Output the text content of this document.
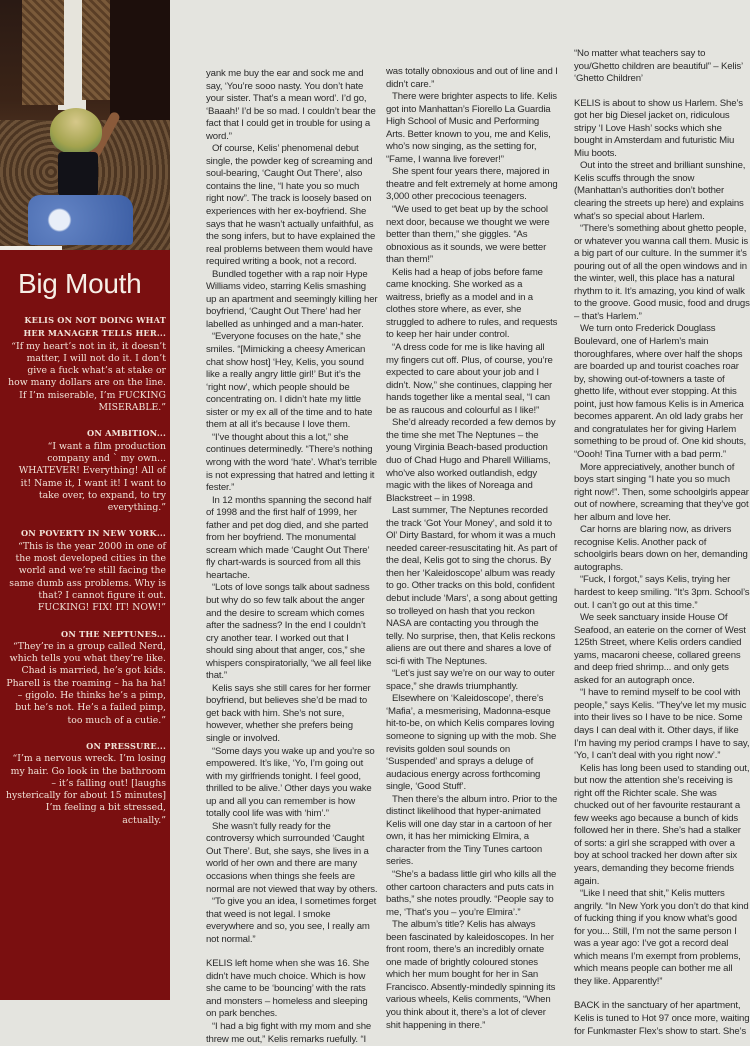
Big Mouth
KELIS ON NOT DOING WHAT HER MANAGER TELLS HER...
“If my heart’s not in it, it doesn’t matter, I will not do it. I don’t give a fuck what’s at stake or how many dollars are on the line. If I’m miserable, I’m FUCKING MISERABLE.”
ON AMBITION...
“I want a film production company and ` my own... WHATEVER! Everything! All of it! Name it, I want it! I want to take over, to expand, to try everything.”
ON POVERTY IN NEW YORK...
“This is the year 2000 in one of the most developed cities in the world and we’re still facing the same dumb ass problems. Why is that? I cannot figure it out. FUCKING! FIX! IT! NOW!”
ON THE NEPTUNES...
“They’re in a group called Nerd, which tells you what they’re like. Chad is married, he’s got kids. Pharell is the roaming – ha ha ha! – gigolo. He thinks he’s a pimp, but he’s not. He’s a failed pimp, too much of a cutie.”
ON PRESSURE...
“I’m a nervous wreck. I’m losing my hair. Go look in the bathroom – it’s falling out! [laughs hysterically for about 15 minutes] I’m feeling a bit stressed, actually.”

yank me buy the ear and sock me and say, ‘You’re sooo nasty. You don’t hate your sister. That’s a mean word’. I’d go, ‘Baaah!’ I’d be so mad. I couldn’t bear the fact that I could get in trouble for using a word.”

Of course, Kelis’ phenomenal debut single, the powder keg of screaming and soul-bearing, ‘Caught Out There’, also contains the line, “I hate you so much right now”. The track is loosely based on experiences with her ex-boyfriend. She says that he wasn’t actually unfaithful, as the song infers, but to have explained the real problems between them would have required writing a book, not a record.

Bundled together with a rap noir Hype Williams video, starring Kelis smashing up an apartment and seemingly killing her boyfriend, ‘Caught Out There’ had her labelled as unhinged and a man-hater.

“Everyone focuses on the hate,” she smiles. “[Mimicking a cheesy American chat show host] ‘Hey, Kelis, you sound like a really angry little girl!’ But it’s the ‘right now’, which people should be concentrating on. I didn’t hate my little sister or my ex all of the time and to hate them at all it’s because I love them.

“I’ve thought about this a lot,” she continues determinedly. “There’s nothing wrong with the word ‘hate’. What’s terrible is not expressing that hatred and letting it fester.”

In 12 months spanning the second half of 1998 and the first half of 1999, her father and pet dog died, and she parted from her boyfriend. The monumental scream which made ‘Caught Out There’ fly chart-wards is sourced from all this heartache.

“Lots of love songs talk about sadness but why do so few talk about the anger and the desire to scream which comes after the sadness? In the end I couldn’t cry another tear. I worked out that I should sing about that anger, cos,” she whispers conspiratorially, “we all feel like that.”

Kelis says she still cares for her former boyfriend, but believes she’d be mad to get back with him. She’s not sure, however, whether she prefers being single or involved.

“Some days you wake up and you’re so empowered. It’s like, ‘Yo, I’m going out with my girlfriends tonight. I feel good, thrilled to be alive.’ Other days you wake up and all you can remember is how totally cool life was with ‘him’.”

She wasn’t fully ready for the controversy which surrounded ‘Caught Out There’. But, she says, she lives in a world of her own and there are many occasions when things she feels are normal are not viewed that way by others.

“To give you an idea, I sometimes forget that weed is not legal. I smoke everywhere and so, you see, I really am not normal.”

KELIS left home when she was 16. She didn’t have much choice. Which is how she came to be ‘bouncing’ with the rats and monsters – homeless and sleeping on park benches.

“I had a big fight with my mom and she threw me out,” Kelis remarks ruefully. “I

was totally obnoxious and out of line and I didn’t care.”

There were brighter aspects to life. Kelis got into Manhattan’s Fiorello La Guardia High School of Music and Performing Arts. Better known to you, me and Kelis, who’s now singing, as the setting for, “Fame, I wanna live forever!”

She spent four years there, majored in theatre and felt extremely at home among 3,000 other precocious teenagers.

“We used to get beat up by the school next door, because we thought we were better than them,” she giggles. “As obnoxious as it sounds, we were better than them!”

Kelis had a heap of jobs before fame came knocking. She worked as a waitress, briefly as a model and in a clothes store where, as ever, she struggled to adhere to rules, and requests to keep her hair under control.

“A dress code for me is like having all my fingers cut off. Plus, of course, you’re expected to care about your job and I didn’t. Now,” she continues, clapping her hands together like a mental seal, “I can be as raucous and colourful as I like!”

She’d already recorded a few demos by the time she met The Neptunes – the young Virginia Beach-based production duo of Chad Hugo and Pharell Williams, who’ve also worked outlandish, edgy magic with the likes of Noreaga and Blackstreet – in 1998.

Last summer, The Neptunes recorded the track ‘Got Your Money’, and sold it to Ol’ Dirty Bastard, for whom it was a much needed career-resuscitating hit. As part of the deal, Kelis got to sing the chorus. By then her ‘Kaleidoscope’ album was ready to go. Other tracks on this bold, confident debut include ‘Mars’, a song about getting so trolleyed on hash that you reckon NASA are contacting you through the telly. No surprise, then, that Kelis reckons aliens are out there and shares a love of sci-fi with The Neptunes.

“Let’s just say we’re on our way to outer space,” she drawls triumphantly.

Elsewhere on ‘Kaleidoscope’, there’s ‘Mafia’, a mesmerising, Madonna-esque hit-to-be, on which Kelis compares loving someone to signing up with the mob. She revisits golden soul sounds on ‘Suspended’ and sprays a deluge of audacious energy across forthcoming single, ‘Good Stuff’.

Then there’s the album intro. Prior to the distinct likelihood that hyper-animated Kelis will one day star in a cartoon of her own, it has her mimicking Elmira, a character from the Tiny Tunes cartoon series.

“She’s a badass little girl who kills all the other cartoon characters and puts cats in baths,” she notes proudly. “People say to me, ‘That’s you – you’re Elmira’.”

The album’s title? Kelis has always been fascinated by kaleidoscopes. In her front room, there’s an incredibly ornate one made of brightly coloured stones which her mum bought for her in San Francisco. Absently-mindedly spinning its various wheels, Kelis comments, “When you think about it, there’s a lot of clever shit happening in there.”

“No matter what teachers say to you/Ghetto children are beautiful” – Kelis’ ‘Ghetto Children’

KELIS is about to show us Harlem. She’s got her big Diesel jacket on, ridiculous stripy ‘I Love Hash’ socks which she bought in Amsterdam and futuristic Miu Miu boots.

Out into the street and brilliant sunshine, Kelis scuffs through the snow (Manhattan’s authorities don’t bother clearing the streets up here) and explains what’s so special about Harlem.

“There’s something about ghetto people, or whatever you wanna call them. Music is a big part of our culture. In the summer it’s pouring out of all the open windows and in the winter, well, this place has a natural rhythm to it. It’s amazing, you kind of walk to the groove. Good music, food and drugs – that’s Harlem.”

We turn onto Frederick Douglass Boulevard, one of Harlem’s main thoroughfares, where over half the shops are boarded up and tourist coaches roar by, showing out-of-towners a taste of ghetto life, without ever stopping. At this point, just how famous Kelis is in America becomes apparent. An old lady grabs her and congratulates her for giving Harlem something to be proud of. One kid shouts, “Oooh! Tina Turner with a bad perm.”

More appreciatively, another bunch of boys start singing “I hate you so much right now!”. Then, some schoolgirls appear out of nowhere, screaming that they’ve got her album and love her.

Car horns are blaring now, as drivers recognise Kelis. Another pack of schoolgirls bears down on her, demanding autographs.

“Fuck, I forgot,” says Kelis, trying her hardest to keep smiling. “It’s 3pm. School’s out. I can’t go out at this time.”

We seek sanctuary inside House Of Seafood, an eaterie on the corner of West 125th Street, where Kelis orders candied yams, macaroni cheese, collared greens and deep fried shrimp... and only gets asked for an autograph once.

“I have to remind myself to be cool with people,” says Kelis. “They’ve let my music into their lives so I have to be nice. Some days I can deal with it. Other days, if like I’m having my period cramps I have to say, ‘Yo, I can’t deal with you right now’.”

Kelis has long been used to standing out, but now the attention she’s receiving is right off the Richter scale. She was chucked out of her favourite restaurant a few weeks ago because a bunch of kids followed her in there. She’s had a stalker of sorts: a girl she scrapped with over a boy at school tracked her down after six years, demanding they become friends again.

“Like I need that shit,” Kelis mutters angrily. “In New York you don’t do that kind of fucking thing if you know what’s good for you... Still, I’m not the same person I was a year ago: I’ve got a record deal which means I’m exempt from problems, which means people can bother me all they like. Apparently!”

BACK in the sanctuary of her apartment, Kelis is tuned to Hot 97 once more, waiting for Funkmaster Flex’s show to start. She’s
